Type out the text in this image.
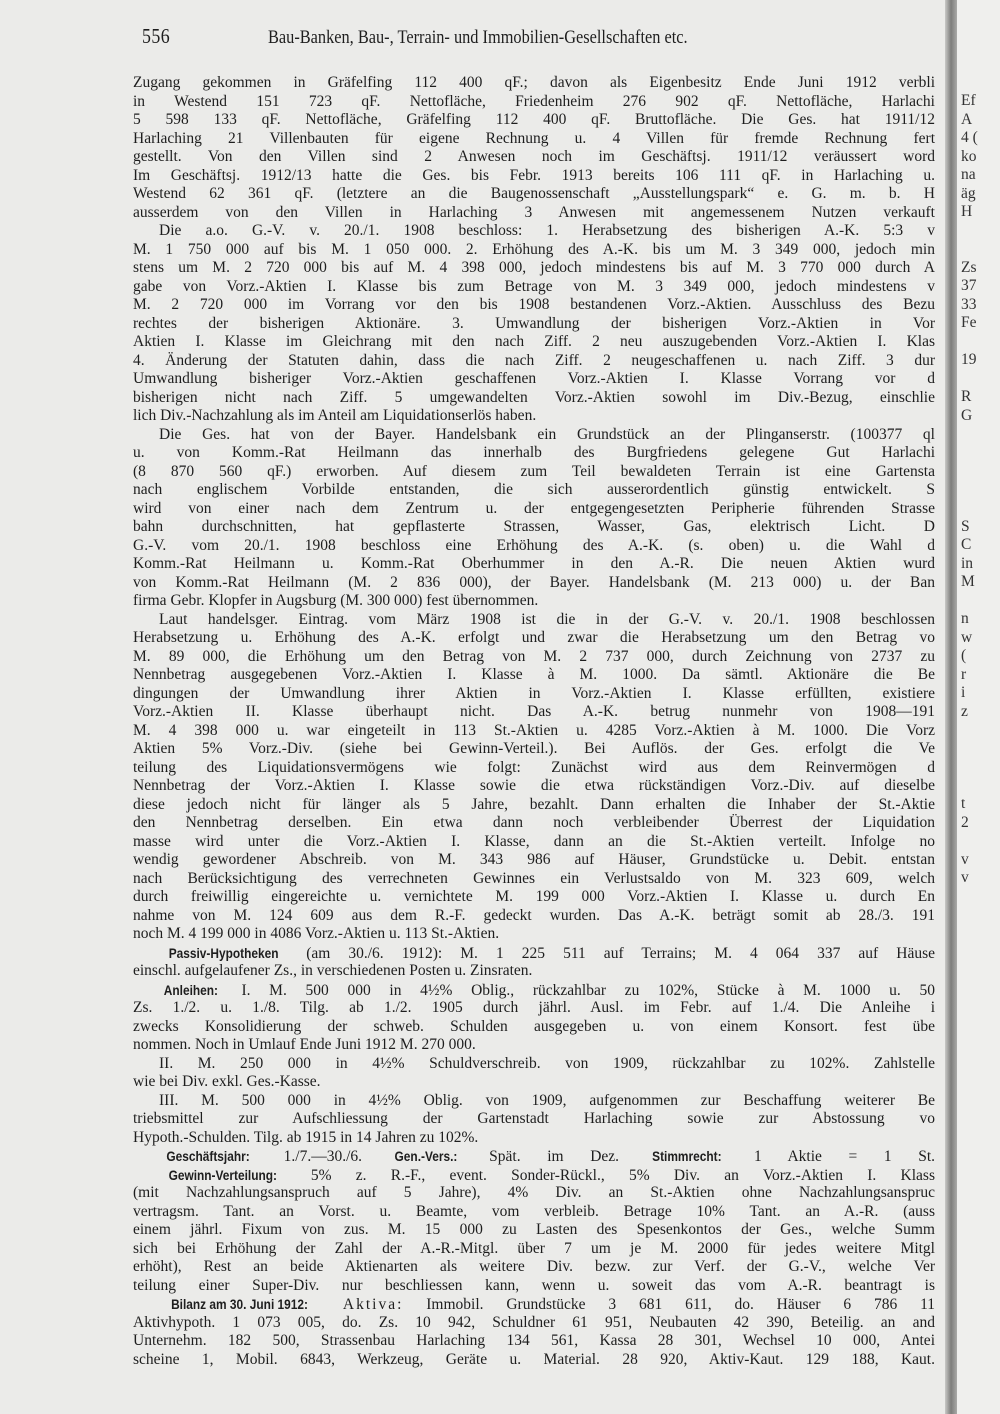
556	Bau-Banken, Bau-, Terrain- und Immobilien-Gesellschaften etc.
Zugang gekommen in Gräfelfing 112 400 qF.; davon als Eigenbesitz Ende Juni 1912 verbli
in Westend 151 723 qF. Nettofläche, Friedenheim 276 902 qF. Nettofläche, Harlachi
5 598 133 qF. Nettofläche, Gräfelfing 112 400 qF. Bruttofläche. Die Ges. hat 1911/12
Harlaching 21 Villenbauten für eigene Rechnung u. 4 Villen für fremde Rechnung fert
gestellt. Von den Villen sind 2 Anwesen noch im Geschäftsj. 1911/12 veräussert word
Im Geschäftsj. 1912/13 hatte die Ges. bis Febr. 1913 bereits 106 111 qF. in Harlaching u.
Westend 62 361 qF. (letztere an die Baugenossenschaft „Ausstellungspark“ e. G. m. b. H
ausserdem von den Villen in Harlaching 3 Anwesen mit angemessenem Nutzen verkauft
Die a.o. G.-V. v. 20./1. 1908 beschloss: 1. Herabsetzung des bisherigen A.-K. 5:3 v
M. 1 750 000 auf bis M. 1 050 000. 2. Erhöhung des A.-K. bis um M. 3 349 000, jedoch min
stens um M. 2 720 000 bis auf M. 4 398 000, jedoch mindestens bis auf M. 3 770 000 durch A
gabe von Vorz.-Aktien I. Klasse bis zum Betrage von M. 3 349 000, jedoch mindestens v
M. 2 720 000 im Vorrang vor den bis 1908 bestandenen Vorz.-Aktien. Ausschluss des Bezu
rechtes der bisherigen Aktionäre. 3. Umwandlung der bisherigen Vorz.-Aktien in Vor
Aktien I. Klasse im Gleichrang mit den nach Ziff. 2 neu auszugebenden Vorz.-Aktien I. Klas
4. Änderung der Statuten dahin, dass die nach Ziff. 2 neugeschaffenen u. nach Ziff. 3 dur
Umwandlung bisheriger Vorz.-Aktien geschaffenen Vorz.-Aktien I. Klasse Vorrang vor d
bisherigen nicht nach Ziff. 5 umgewandelten Vorz.-Aktien sowohl im Div.-Bezug, einschlie
lich Div.-Nachzahlung als im Anteil am Liquidationserlös haben.
Die Ges. hat von der Bayer. Handelsbank ein Grundstück an der Plinganserstr. (100377 ql
u. von Komm.-Rat Heilmann das innerhalb des Burgfriedens gelegene Gut Harlachi
(8 870 560 qF.) erworben. Auf diesem zum Teil bewaldeten Terrain ist eine Gartensta
nach englischem Vorbilde entstanden, die sich ausserordentlich günstig entwickelt. S
wird von einer nach dem Zentrum u. der entgegengesetzten Peripherie führenden Strasse
bahn durchschnitten, hat gepflasterte Strassen, Wasser, Gas, elektrisch Licht. D
G.-V. vom 20./1. 1908 beschloss eine Erhöhung des A.-K. (s. oben) u. die Wahl d
Komm.-Rat Heilmann u. Komm.-Rat Oberhummer in den A.-R. Die neuen Aktien wurd
von Komm.-Rat Heilmann (M. 2 836 000), der Bayer. Handelsbank (M. 213 000) u. der Ban
firma Gebr. Klopfer in Augsburg (M. 300 000) fest übernommen.
Laut handelsger. Eintrag. vom März 1908 ist die in der G.-V. v. 20./1. 1908 beschlossen
Herabsetzung u. Erhöhung des A.-K. erfolgt und zwar die Herabsetzung um den Betrag vo
M. 89 000, die Erhöhung um den Betrag von M. 2 737 000, durch Zeichnung von 2737 zu
Nennbetrag ausgegebenen Vorz.-Aktien I. Klasse à M. 1000. Da sämtl. Aktionäre die Be
dingungen der Umwandlung ihrer Aktien in Vorz.-Aktien I. Klasse erfüllten, existiere
Vorz.-Aktien II. Klasse überhaupt nicht. Das A.-K. betrug nunmehr von 1908—191
M. 4 398 000 u. war eingeteilt in 113 St.-Aktien u. 4285 Vorz.-Aktien à M. 1000. Die Vorz
Aktien 5% Vorz.-Div. (siehe bei Gewinn-Verteil.). Bei Auflös. der Ges. erfolgt die Ve
teilung des Liquidationsvermögens wie folgt: Zunächst wird aus dem Reinvermögen d
Nennbetrag der Vorz.-Aktien I. Klasse sowie die etwa rückständigen Vorz.-Div. auf dieselbe
diese jedoch nicht für länger als 5 Jahre, bezahlt. Dann erhalten die Inhaber der St.-Aktie
den Nennbetrag derselben. Ein etwa dann noch verbleibender Überrest der Liquidation
masse wird unter die Vorz.-Aktien I. Klasse, dann an die St.-Aktien verteilt. Infolge no
wendig gewordener Abschreib. von M. 343 986 auf Häuser, Grundstücke u. Debit. entstan
nach Berücksichtigung des verrechneten Gewinnes ein Verlustsaldo von M. 323 609, welch
durch freiwillig eingereichte u. vernichtete M. 199 000 Vorz.-Aktien I. Klasse u. durch En
nahme von M. 124 609 aus dem R.-F. gedeckt wurden. Das A.-K. beträgt somit ab 28./3. 191
noch M. 4 199 000 in 4086 Vorz.-Aktien u. 113 St.-Aktien.
Passiv-Hypotheken (am 30./6. 1912): M. 1 225 511 auf Terrains; M. 4 064 337 auf Häuse
einschl. aufgelaufener Zs., in verschiedenen Posten u. Zinsraten.
Anleihen: I. M. 500 000 in 4½% Oblig., rückzahlbar zu 102%, Stücke à M. 1000 u. 50
Zs. 1./2. u. 1./8. Tilg. ab 1./2. 1905 durch jährl. Ausl. im Febr. auf 1./4. Die Anleihe i
zwecks Konsolidierung der schweb. Schulden ausgegeben u. von einem Konsort. fest übe
nommen. Noch in Umlauf Ende Juni 1912 M. 270 000.
II. M. 250 000 in 4½% Schuldverschreib. von 1909, rückzahlbar zu 102%. Zahlstelle
wie bei Div. exkl. Ges.-Kasse.
III. M. 500 000 in 4½% Oblig. von 1909, aufgenommen zur Beschaffung weiterer Be
triebsmittel zur Aufschliessung der Gartenstadt Harlaching sowie zur Abstossung vo
Hypoth.-Schulden. Tilg. ab 1915 in 14 Jahren zu 102%.
Geschäftsjahr: 1./7.—30./6. Gen.-Vers.: Spät. im Dez. Stimmrecht: 1 Aktie = 1 St.
Gewinn-Verteilung: 5% z. R.-F., event. Sonder-Rückl., 5% Div. an Vorz.-Aktien I. Klass
(mit Nachzahlungsanspruch auf 5 Jahre), 4% Div. an St.-Aktien ohne Nachzahlungsanspruc
vertragsm. Tant. an Vorst. u. Beamte, vom verbleib. Betrage 10% Tant. an A.-R. (auss
einem jährl. Fixum von zus. M. 15 000 zu Lasten des Spesenkontos der Ges., welche Summ
sich bei Erhöhung der Zahl der A.-R.-Mitgl. über 7 um je M. 2000 für jedes weitere Mitgl
erhöht), Rest an beide Aktienarten als weitere Div. bezw. zur Verf. der G.-V., welche Ver
teilung einer Super-Div. nur beschliessen kann, wenn u. soweit das vom A.-R. beantragt is
Bilanz am 30. Juni 1912: Aktiva: Immobil. Grundstücke 3 681 611, do. Häuser 6 786 11
Aktivhypoth. 1 073 005, do. Zs. 10 942, Schuldner 61 951, Neubauten 42 390, Beteilig. an and
Unternehm. 182 500, Strassenbau Harlaching 134 561, Kassa 28 301, Wechsel 10 000, Antei
scheine 1, Mobil. 6843, Werkzeug, Geräte u. Material. 28 920, Aktiv-Kaut. 129 188, Kaut.
Ef
A
4 (
ko
na
äg
H
Zs
37
33
Fe
19
R
G
S
C
in
M
n
w
(
r
i
z
t
2
v
v
